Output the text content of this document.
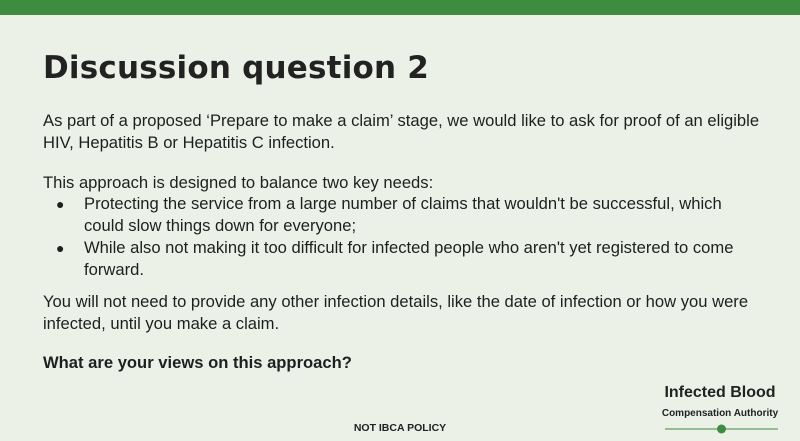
Discussion question 2

As part of a proposed ‘Prepare to make a claim’ stage, we would like to ask for proof of an eligible HIV, Hepatitis B or Hepatitis C infection.

This approach is designed to balance two key needs:

● Protecting the service from a large number of claims that wouldn't be successful, which could slow things down for everyone;
● While also not making it too difficult for infected people who aren't yet registered to come forward.

You will not need to provide any other infection details, like the date of infection or how you were infected, until you make a claim.

What are your views on this approach?

NOT IBCA POLICY
Infected Blood
Compensation Authority
